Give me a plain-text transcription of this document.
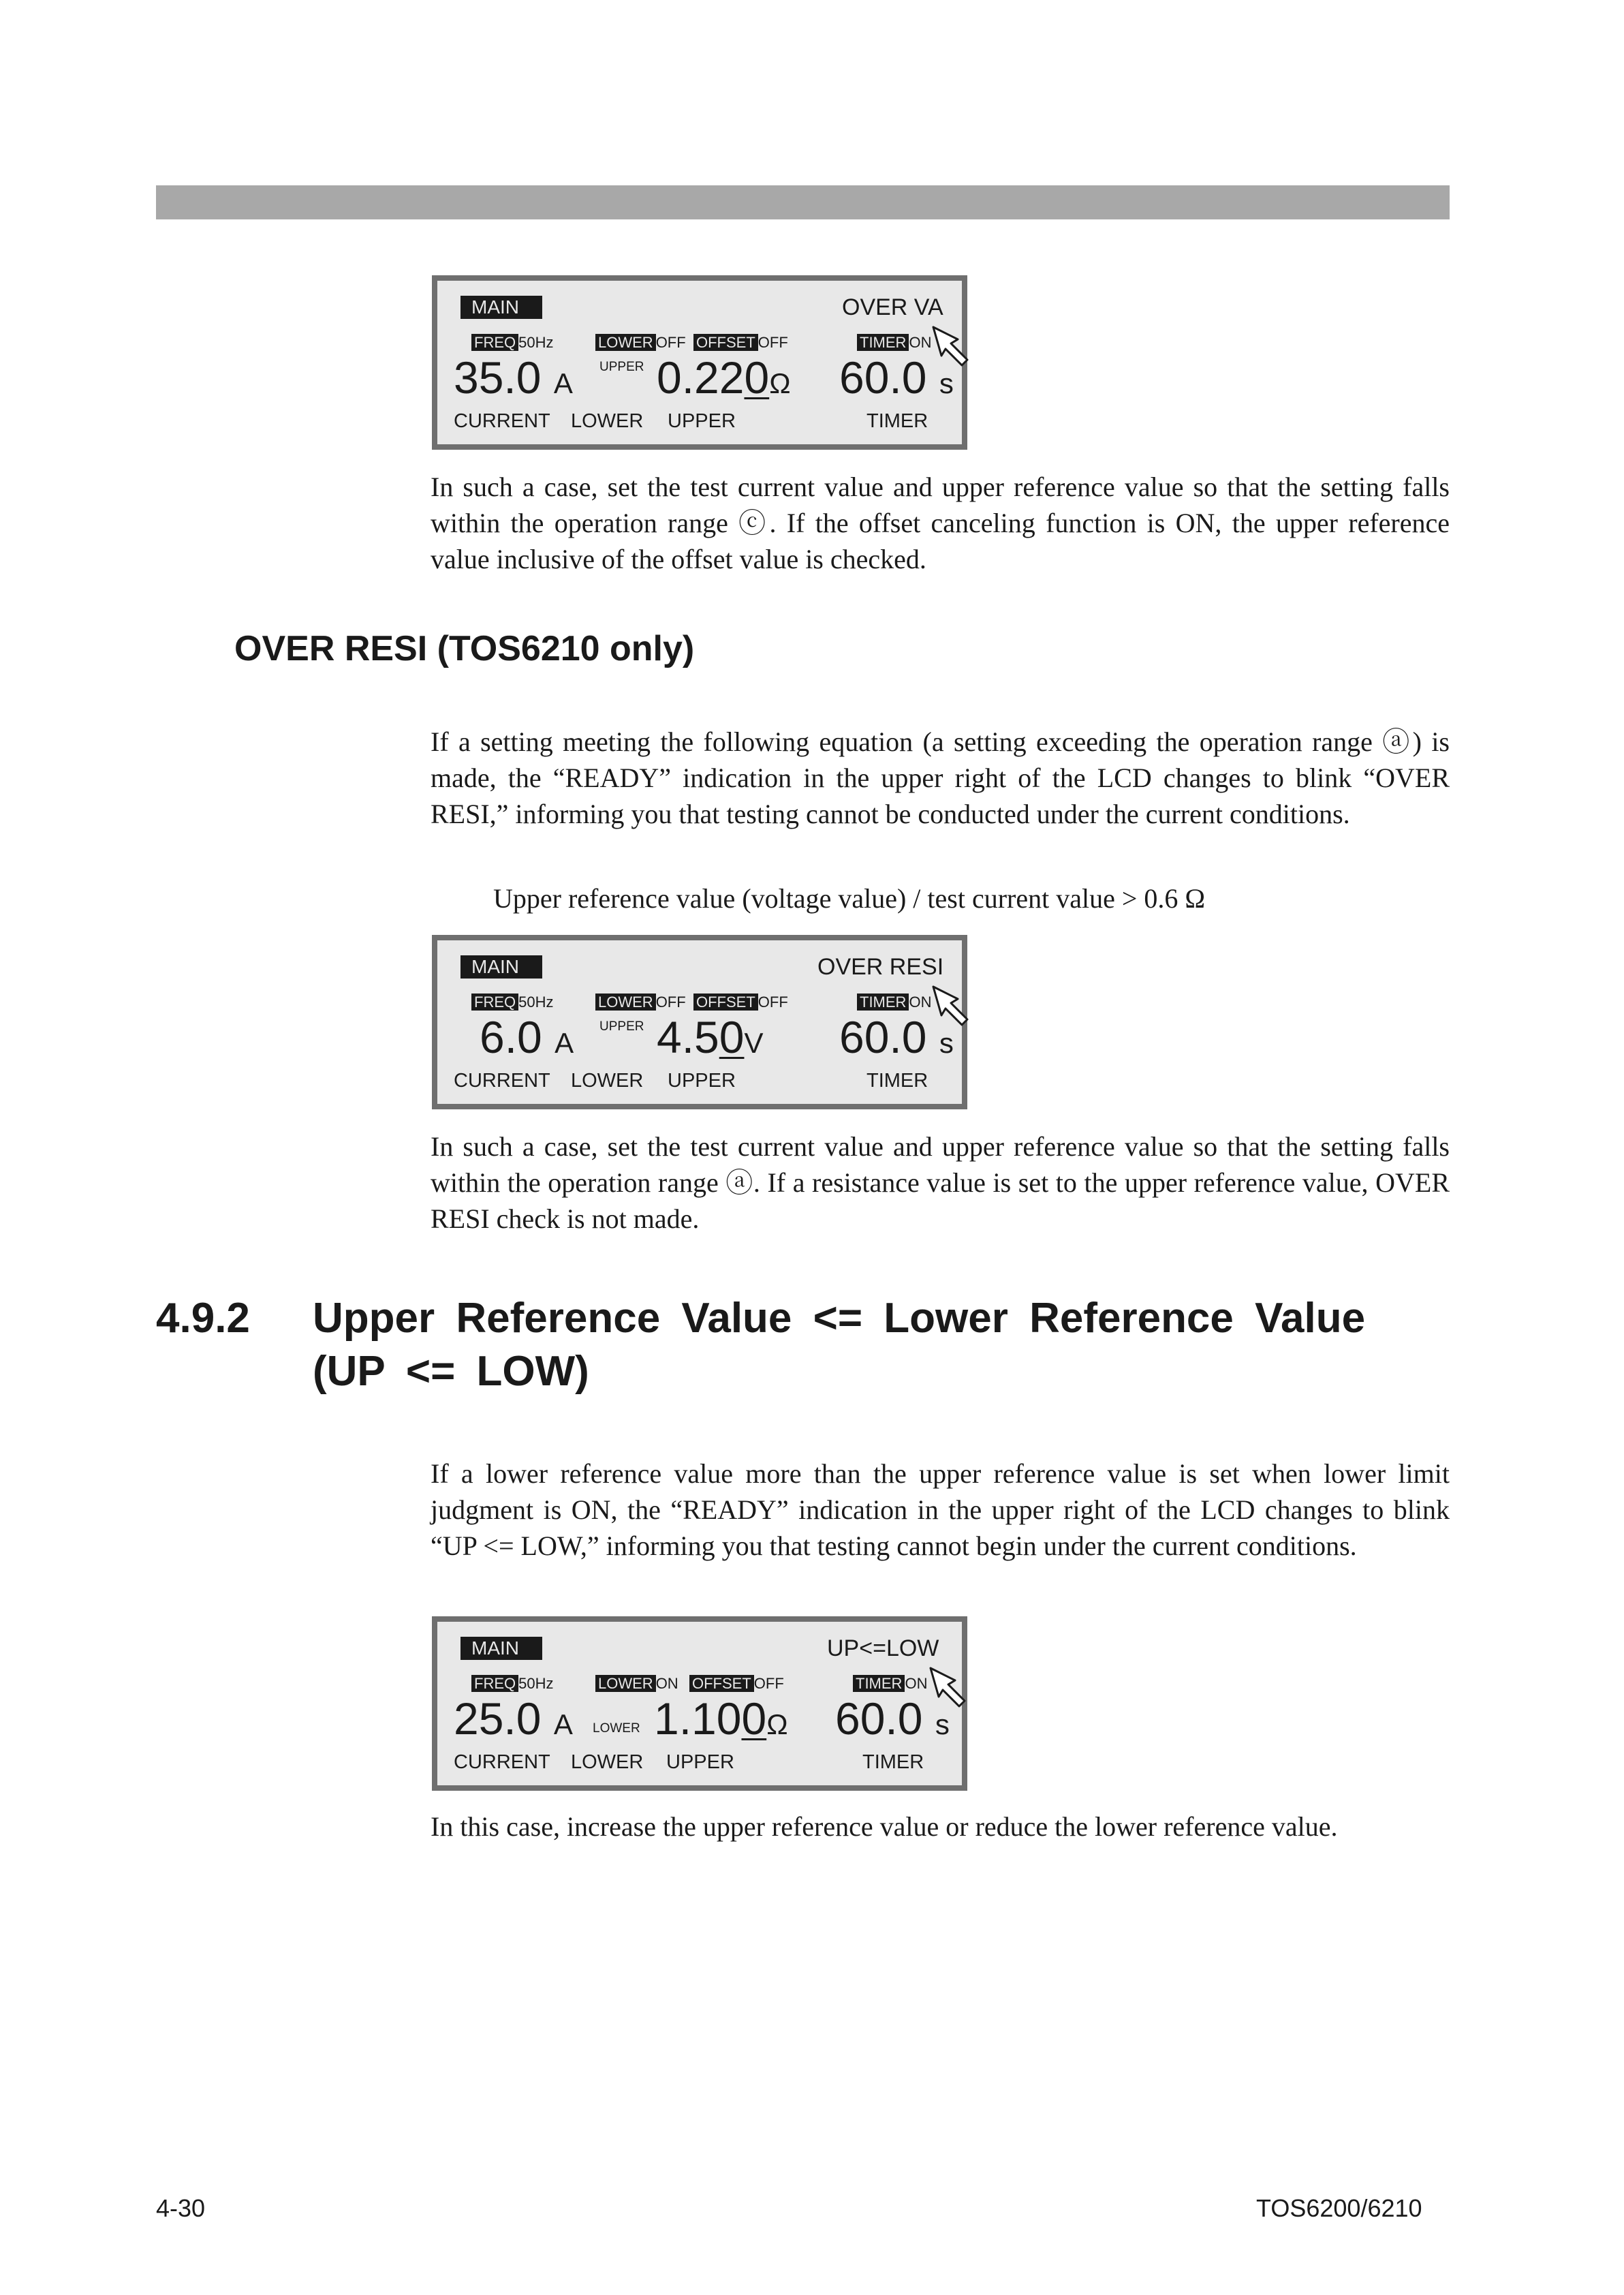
MAIN	OVER VA
FREQ 50Hz	LOWER OFF OFFSET OFF	TIMER ON
35.0 A
UPPER 0.220Ω 60.0 s
CURRENT LOWER UPPER	TIMER

In such a case, set the test current value and upper reference value so that the setting falls within the operation range ⓒ. If the offset canceling function is ON, the upper reference value inclusive of the offset value is checked.

OVER RESI (TOS6210 only)

If a setting meeting the following equation (a setting exceeding the operation range ⓐ) is made, the “READY” indication in the upper right of the LCD changes to blink “OVER RESI,” informing you that testing cannot be conducted under the current conditions.

Upper reference value (voltage value) / test current value > 0.6 Ω
MAIN	OVER RESI
FREQ 50Hz	LOWER OFF OFFSET OFF	TIMER ON
6.0 A
UPPER 4.50V 60.0 s
CURRENT LOWER UPPER	TIMER

In such a case, set the test current value and upper reference value so that the setting falls within the operation range ⓐ. If a resistance value is set to the upper reference value, OVER RESI check is not made.

4.9.2 Upper Reference Value <= Lower Reference Value
(UP <= LOW)

If a lower reference value more than the upper reference value is set when lower limit judgment is ON, the “READY” indication in the upper right of the LCD changes to blink “UP <= LOW,” informing you that testing cannot begin under the current conditions.

MAIN	UP<=LOW
FREQ 50Hz	LOWER ON OFFSET OFF	TIMER ON
25.0 A LOWER 1.100Ω 60.0 s
CURRENT LOWER UPPER	TIMER

In this case, increase the upper reference value or reduce the lower reference value.

4-30	TOS6200/6210
